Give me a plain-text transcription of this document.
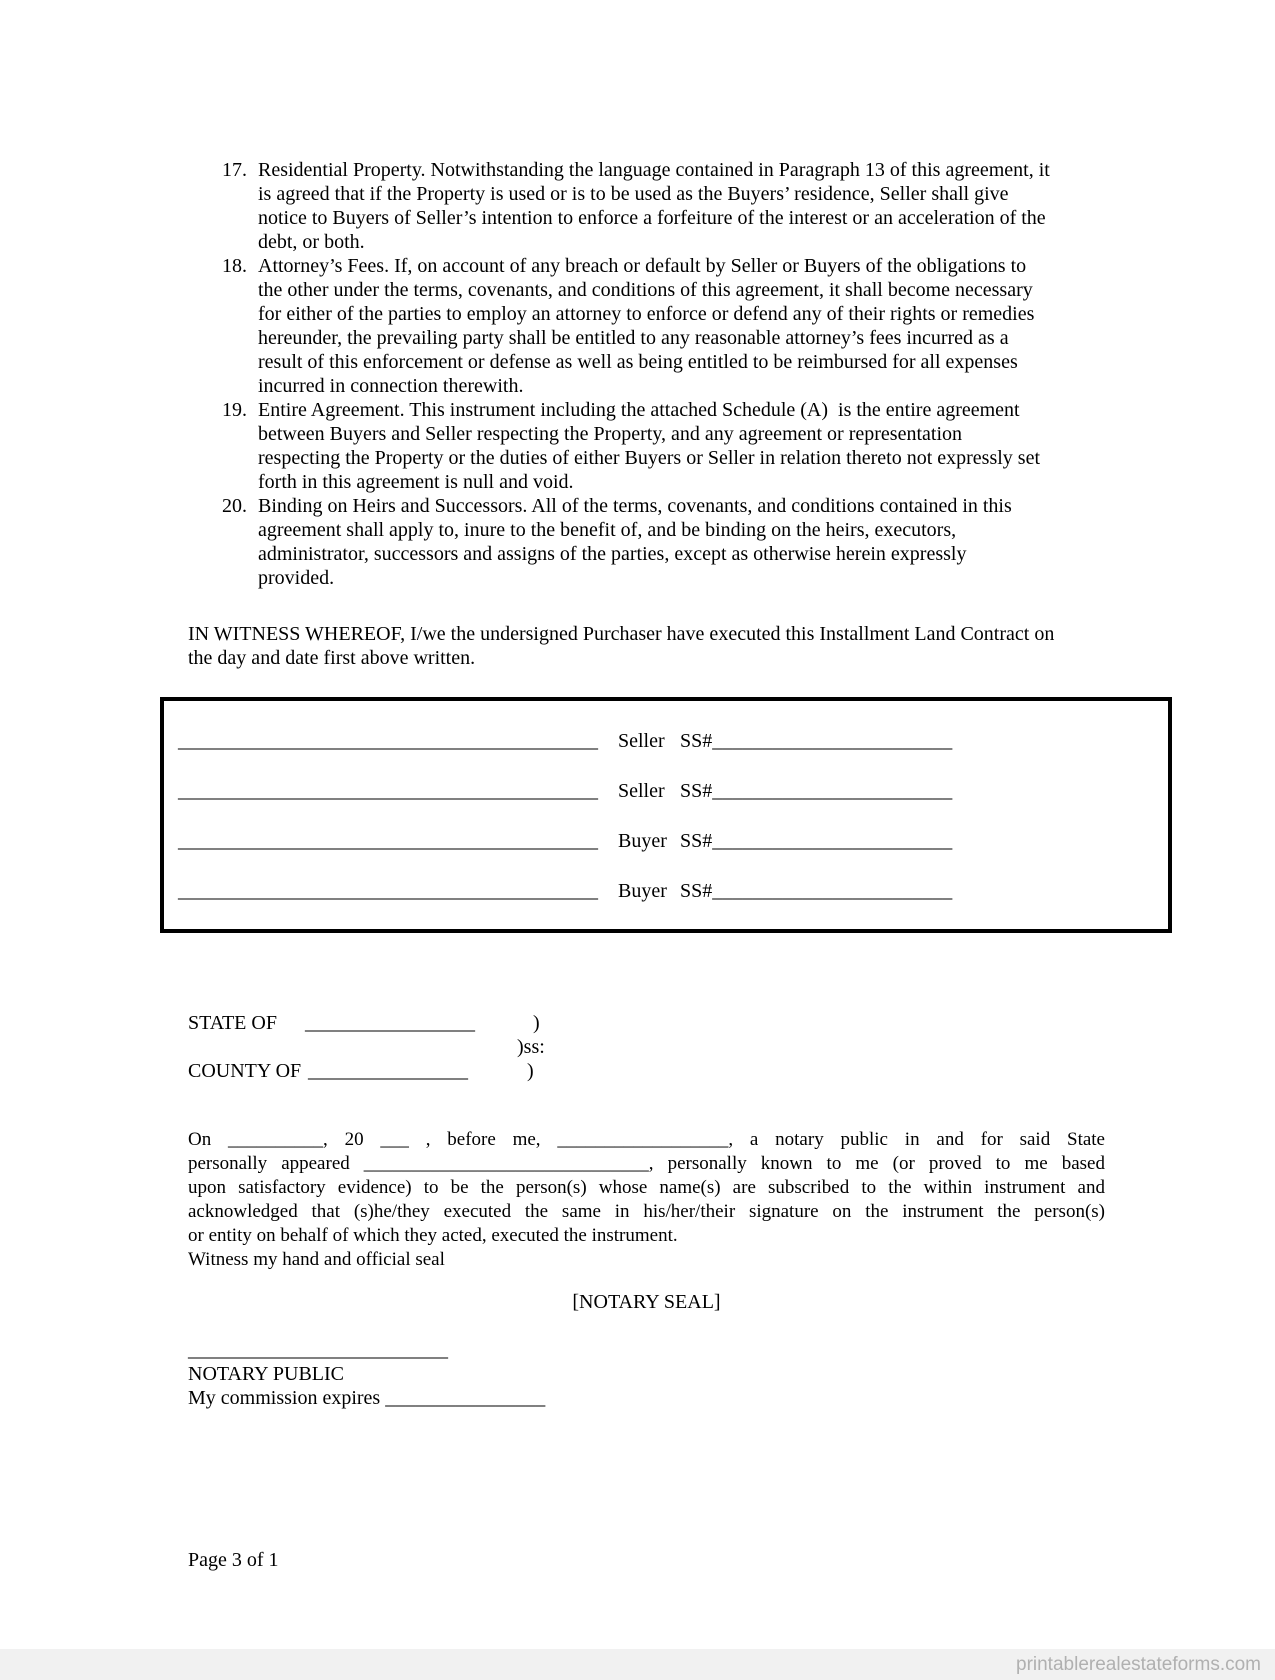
17. Residential Property. Notwithstanding the language contained in Paragraph 13 of this agreement, it
is agreed that if the Property is used or is to be used as the Buyers’ residence, Seller shall give
notice to Buyers of Seller’s intention to enforce a forfeiture of the interest or an acceleration of the
debt, or both.
18. Attorney’s Fees. If, on account of any breach or default by Seller or Buyers of the obligations to
the other under the terms, covenants, and conditions of this agreement, it shall become necessary
for either of the parties to employ an attorney to enforce or defend any of their rights or remedies
hereunder, the prevailing party shall be entitled to any reasonable attorney’s fees incurred as a
result of this enforcement or defense as well as being entitled to be reimbursed for all expenses
incurred in connection therewith.
19. Entire Agreement. This instrument including the attached Schedule (A)  is the entire agreement
between Buyers and Seller respecting the Property, and any agreement or representation
respecting the Property or the duties of either Buyers or Seller in relation thereto not expressly set
forth in this agreement is null and void.
20. Binding on Heirs and Successors. All of the terms, covenants, and conditions contained in this
agreement shall apply to, inure to the benefit of, and be binding on the heirs, executors,
administrator, successors and assigns of the parties, except as otherwise herein expressly
provided.
IN WITNESS WHEREOF, I/we the undersigned Purchaser have executed this Installment Land Contract on
the day and date first above written.
__________________________________________ Seller SS#________________________
__________________________________________ Seller SS#________________________
__________________________________________ Buyer SS#________________________
__________________________________________ Buyer SS#________________________
STATE OF _________________	)
)ss:
COUNTY OF ________________	)
On __________, 20 ___ , before me, __________________, a notary public in and for said State
personally appeared ______________________________, personally known to me (or proved to me based
upon satisfactory evidence) to be the person(s) whose name(s) are subscribed to the within instrument and
acknowledged that (s)he/they executed the same in his/her/their signature on the instrument the person(s)
or entity on behalf of which they acted, executed the instrument.
Witness my hand and official seal
[NOTARY SEAL]
__________________________
NOTARY PUBLIC
My commission expires ________________
Page 3 of 1
printablerealestateforms.com
